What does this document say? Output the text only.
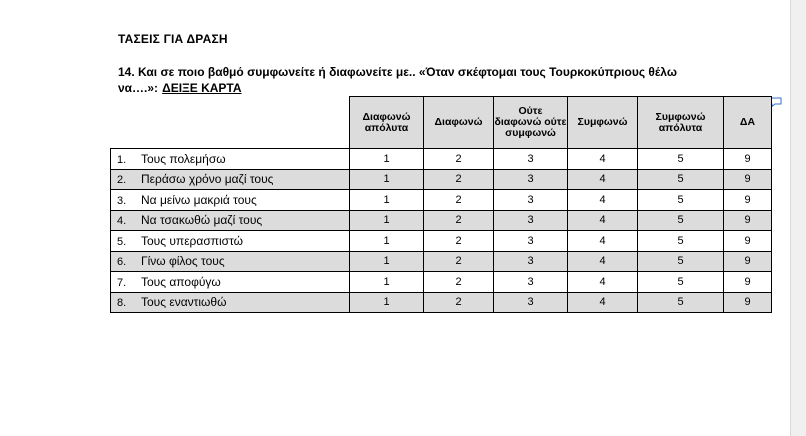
ΤΑΣΕΙΣ ΓΙΑ ΔΡΑΣΗ
14. Και σε ποιο βαθμό συμφωνείτε ή διαφωνείτε με.. «Όταν σκέφτομαι τους Τουρκοκύπριους θέλω να….»: ΔΕΙΞΕ ΚΑΡΤΑ
	Διαφωνώ απόλυτα	Διαφωνώ	Ούτε διαφωνώ ούτε συμφωνώ	Συμφωνώ	Συμφωνώ απόλυτα	ΔΑ
1. Τους πολεμήσω	1	2	3	4	5	9
2. Περάσω χρόνο μαζί τους	1	2	3	4	5	9
3. Να μείνω μακριά τους	1	2	3	4	5	9
4. Να τσακωθώ μαζί τους	1	2	3	4	5	9
5. Τους υπερασπιστώ	1	2	3	4	5	9
6. Γίνω φίλος τους	1	2	3	4	5	9
7. Τους αποφύγω	1	2	3	4	5	9
8. Τους εναντιωθώ	1	2	3	4	5	9
